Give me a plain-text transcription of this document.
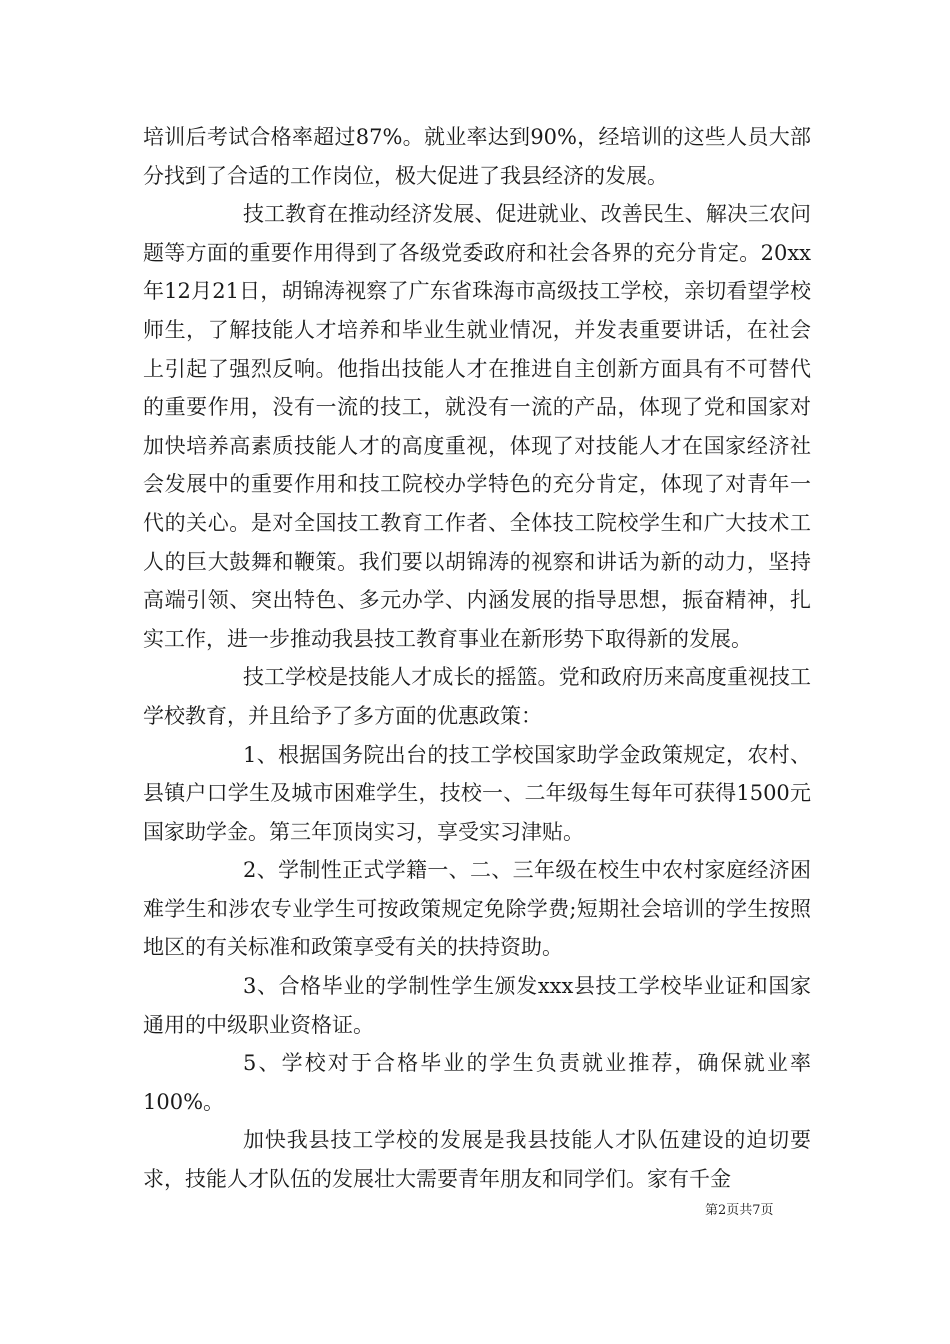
培训后考试合格率超过87%。就业率达到90%，经培训的这些人员大部分找到了合适的工作岗位，极大促进了我县经济的发展。

技工教育在推动经济发展、促进就业、改善民生、解决三农问题等方面的重要作用得到了各级党委政府和社会各界的充分肯定。20xx年12月21日，胡锦涛视察了广东省珠海市高级技工学校，亲切看望学校师生，了解技能人才培养和毕业生就业情况，并发表重要讲话，在社会上引起了强烈反响。他指出技能人才在推进自主创新方面具有不可替代的重要作用，没有一流的技工，就没有一流的产品，体现了党和国家对加快培养高素质技能人才的高度重视，体现了对技能人才在国家经济社会发展中的重要作用和技工院校办学特色的充分肯定，体现了对青年一代的关心。是对全国技工教育工作者、全体技工院校学生和广大技术工人的巨大鼓舞和鞭策。我们要以胡锦涛的视察和讲话为新的动力，坚持高端引领、突出特色、多元办学、内涵发展的指导思想，振奋精神，扎实工作，进一步推动我县技工教育事业在新形势下取得新的发展。

技工学校是技能人才成长的摇篮。党和政府历来高度重视技工学校教育，并且给予了多方面的优惠政策：

1、根据国务院出台的技工学校国家助学金政策规定，农村、县镇户口学生及城市困难学生，技校一、二年级每生每年可获得1500元国家助学金。第三年顶岗实习，享受实习津贴。

2、学制性正式学籍一、二、三年级在校生中农村家庭经济困难学生和涉农专业学生可按政策规定免除学费;短期社会培训的学生按照地区的有关标准和政策享受有关的扶持资助。

3、合格毕业的学制性学生颁发xxx县技工学校毕业证和国家通用的中级职业资格证。

5、学校对于合格毕业的学生负责就业推荐，确保就业率100%。

加快我县技工学校的发展是我县技能人才队伍建设的迫切要求，技能人才队伍的发展壮大需要青年朋友和同学们。家有千金

第2页共7页
